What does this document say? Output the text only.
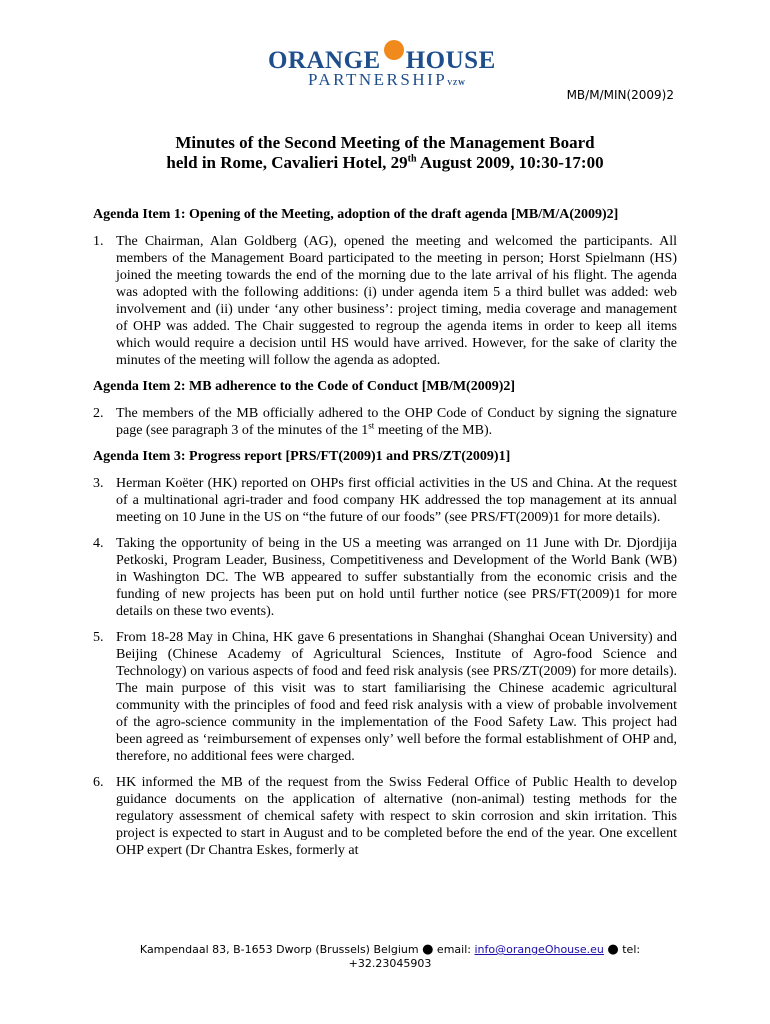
ORANGE HOUSE
PARTNERSHIPVZW
MB/M/MIN(2009)2
Minutes of the Second Meeting of the Management Board
held in Rome, Cavalieri Hotel, 29th August 2009, 10:30-17:00
Agenda Item 1: Opening of the Meeting, adoption of the draft agenda [MB/M/A(2009)2]
1. The Chairman, Alan Goldberg (AG), opened the meeting and welcomed the participants. All members of the Management Board participated to the meeting in person; Horst Spielmann (HS) joined the meeting towards the end of the morning due to the late arrival of his flight. The agenda was adopted with the following additions: (i) under agenda item 5 a third bullet was added: web involvement and (ii) under ‘any other business’: project timing, media coverage and management of OHP was added. The Chair suggested to regroup the agenda items in order to keep all items which would require a decision until HS would have arrived. However, for the sake of clarity the minutes of the meeting will follow the agenda as adopted.
Agenda Item 2: MB adherence to the Code of Conduct [MB/M(2009)2]
2. The members of the MB officially adhered to the OHP Code of Conduct by signing the signature page (see paragraph 3 of the minutes of the 1st meeting of the MB).
Agenda Item 3: Progress report [PRS/FT(2009)1 and PRS/ZT(2009)1]
3. Herman Koëter (HK) reported on OHPs first official activities in the US and China. At the request of a multinational agri-trader and food company HK addressed the top management at its annual meeting on 10 June in the US on “the future of our foods” (see PRS/FT(2009)1 for more details).
4. Taking the opportunity of being in the US a meeting was arranged on 11 June with Dr. Djordjija Petkoski, Program Leader, Business, Competitiveness and Development of the World Bank (WB) in Washington DC. The WB appeared to suffer substantially from the economic crisis and the funding of new projects has been put on hold until further notice (see PRS/FT(2009)1 for more details on these two events).
5. From 18-28 May in China, HK gave 6 presentations in Shanghai (Shanghai Ocean University) and Beijing (Chinese Academy of Agricultural Sciences, Institute of Agro-food Science and Technology) on various aspects of food and feed risk analysis (see PRS/ZT(2009) for more details). The main purpose of this visit was to start familiarising the Chinese academic agricultural community with the principles of food and feed risk analysis with a view of probable involvement of the agro-science community in the implementation of the Food Safety Law. This project had been agreed as ‘reimbursement of expenses only’ well before the formal establishment of OHP and, therefore, no additional fees were charged.
6. HK informed the MB of the request from the Swiss Federal Office of Public Health to develop guidance documents on the application of alternative (non-animal) testing methods for the regulatory assessment of chemical safety with respect to skin corrosion and skin irritation. This project is expected to start in August and to be completed before the end of the year. One excellent OHP expert (Dr Chantra Eskes, formerly at
Kampendaal 83, B-1653 Dworp (Brussels) Belgium ● email: info@orangeOhouse.eu ● tel:
+32.23045903
